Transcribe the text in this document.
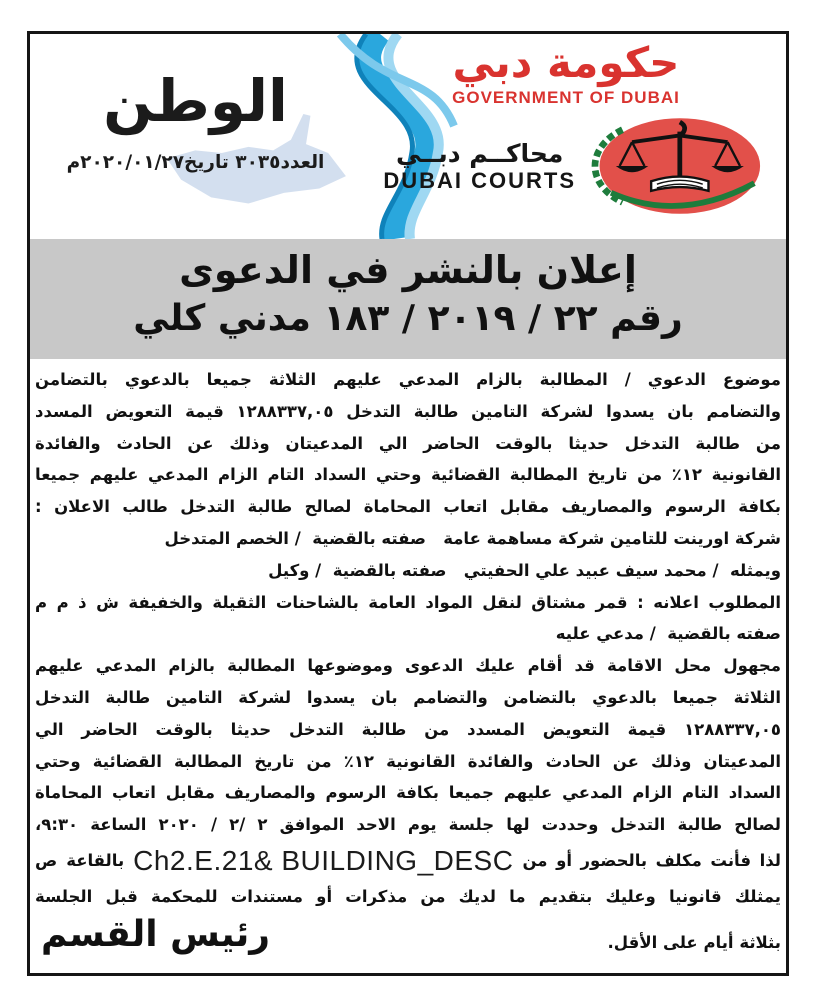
الوطن
العدد٣٠٣٥ تاريخ٢٠٢٠/٠١/٢٧م
حكومة دبي
GOVERNMENT OF DUBAI
محاكــم دبــي
DUBAI COURTS
إعلان بالنشر في الدعوى
رقم ٢٢ / ٢٠١٩ / ١٨٣ مدني كلي
موضوع الدعوي / المطالبة بالزام المدعي عليهم الثلاثة جميعا بالدعوي بالتضامن
والتضامم بان يسدوا لشركة التامين طالبة التدخل ١٢٨٨٣٣٧,٠٥ قيمة التعويض المسدد
من طالبة التدخل حديثا بالوقت الحاضر الي المدعيتان وذلك عن الحادث والفائدة
القانونية ١٢٪ من تاريخ المطالبة القضائية وحتي السداد التام الزام المدعي عليهم جميعا
بكافة الرسوم والمصاريف مقابل اتعاب المحاماة لصالح طالبة التدخل طالب الاعلان :
شركة اورينت للتامين شركة مساهمة عامة   صفته بالقضية  / الخصم المتدخل
ويمثله  / محمد سيف عبيد علي الحفيتي   صفته بالقضية  / وكيل
المطلوب اعلانه : قمر مشتاق لنقل المواد العامة بالشاحنات الثقيلة والخفيفة ش ذ م م
صفته بالقضية  / مدعي عليه
مجهول محل الاقامة قد أقام عليك الدعوى وموضوعها المطالبة بالزام المدعي عليهم
الثلاثة جميعا بالدعوي بالتضامن والتضامم بان يسدوا لشركة التامين طالبة التدخل
١٢٨٨٣٣٧,٠٥ قيمة التعويض المسدد من طالبة التدخل حديثا بالوقت الحاضر الي
المدعيتان وذلك عن الحادث والفائدة القانونية ١٢٪ من تاريخ المطالبة القضائية وحتي
السداد التام الزام المدعي عليهم جميعا بكافة الرسوم والمصاريف مقابل اتعاب المحاماة
لصالح طالبة التدخل وحددت لها جلسة يوم الاحد الموافق ٢ /٢ / ٢٠٢٠ الساعة ٩:٣٠،
ص بالقاعة Ch2.E.21& BUILDING_DESC لذا فأنت مكلف بالحضور أو من
يمثلك قانونيا وعليك بتقديم ما لديك من مذكرات أو مستندات للمحكمة قبل الجلسة
بثلاثة أيام على الأقل.
رئيس القسم
